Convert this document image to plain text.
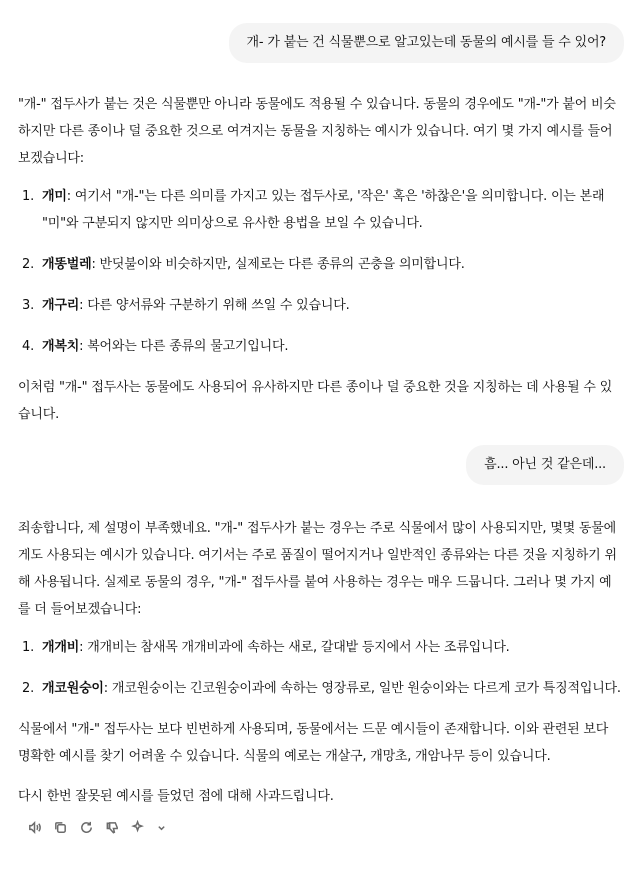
개- 가 붙는 건 식물뿐으로 알고있는데 동물의 예시를 들 수 있어?

"개-" 접두사가 붙는 것은 식물뿐만 아니라 동물에도 적용될 수 있습니다. 동물의 경우에도 "개-"가 붙어 비슷하지만 다른 종이나 덜 중요한 것으로 여겨지는 동물을 지칭하는 예시가 있습니다. 여기 몇 가지 예시를 들어보겠습니다:

1. 개미: 여기서 "개-"는 다른 의미를 가지고 있는 접두사로, '작은' 혹은 '하찮은'을 의미합니다. 이는 본래 "미"와 구분되지 않지만 의미상으로 유사한 용법을 보일 수 있습니다.
2. 개똥벌레: 반딧불이와 비슷하지만, 실제로는 다른 종류의 곤충을 의미합니다.
3. 개구리: 다른 양서류와 구분하기 위해 쓰일 수 있습니다.
4. 개복치: 복어와는 다른 종류의 물고기입니다.

이처럼 "개-" 접두사는 동물에도 사용되어 유사하지만 다른 종이나 덜 중요한 것을 지칭하는 데 사용될 수 있습니다.

흠... 아닌 것 같은데...

죄송합니다, 제 설명이 부족했네요. "개-" 접두사가 붙는 경우는 주로 식물에서 많이 사용되지만, 몇몇 동물에게도 사용되는 예시가 있습니다. 여기서는 주로 품질이 떨어지거나 일반적인 종류와는 다른 것을 지칭하기 위해 사용됩니다. 실제로 동물의 경우, "개-" 접두사를 붙여 사용하는 경우는 매우 드뭅니다. 그러나 몇 가지 예를 더 들어보겠습니다:

1. 개개비: 개개비는 참새목 개개비과에 속하는 새로, 갈대밭 등지에서 사는 조류입니다.
2. 개코원숭이: 개코원숭이는 긴코원숭이과에 속하는 영장류로, 일반 원숭이와는 다르게 코가 특징적입니다.

식물에서 "개-" 접두사는 보다 빈번하게 사용되며, 동물에서는 드문 예시들이 존재합니다. 이와 관련된 보다 명확한 예시를 찾기 어려울 수 있습니다. 식물의 예로는 개살구, 개망초, 개암나무 등이 있습니다.

다시 한번 잘못된 예시를 들었던 점에 대해 사과드립니다.
